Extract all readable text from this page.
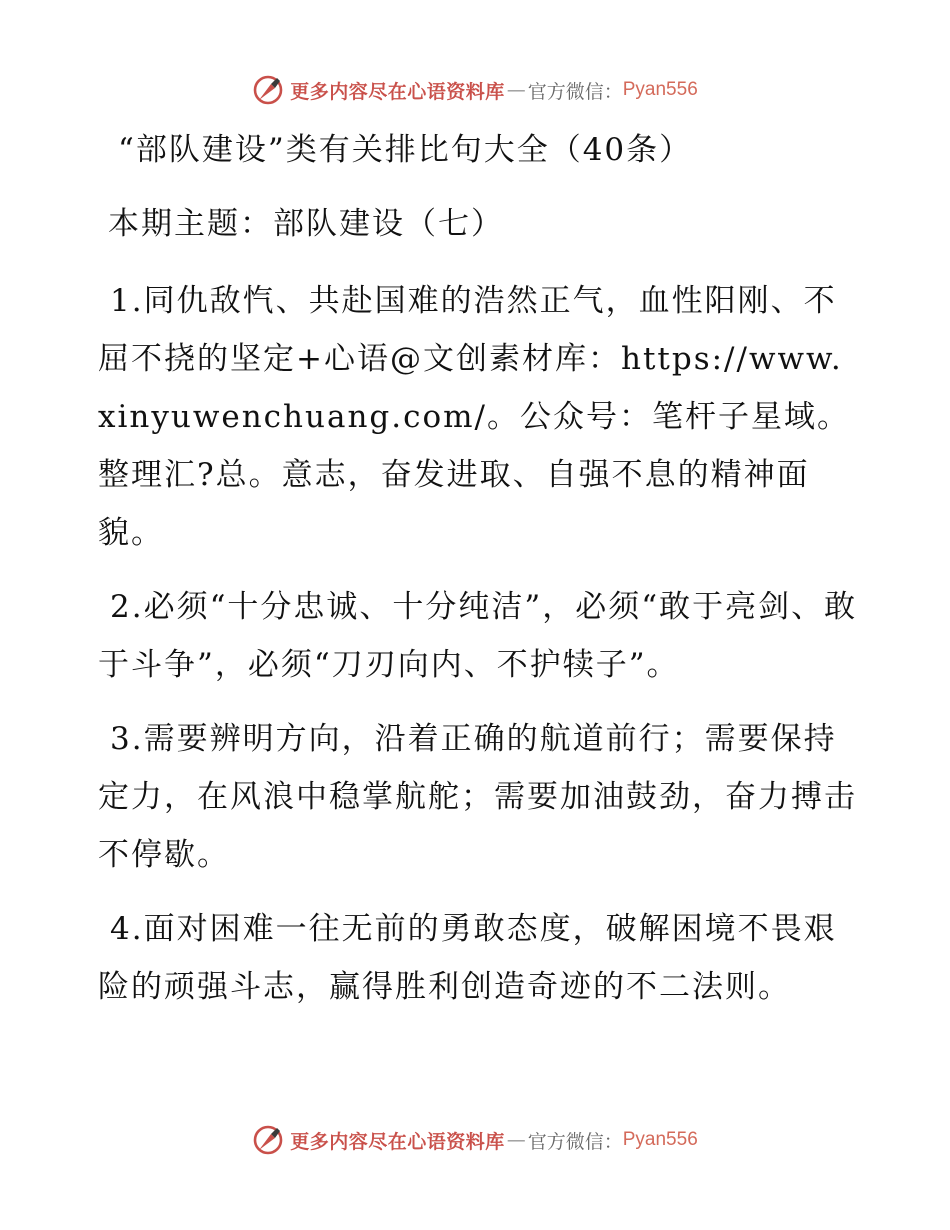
更多内容尽在心语资料库 — 官方微信： Pyan556
“部队建设”类有关排比句大全（40条）
本期主题：部队建设（七）

1.同仇敌忾、共赴国难的浩然正气，血性阳刚、不屈不挠的坚定+心语@文创素材库：https://www.xinyuwenchuang.com/。公众号：笔杆子星域。整理汇?总。意志，奋发进取、自强不息的精神面貌。

2.必须“十分忠诚、十分纯洁”，必须“敢于亮剑、敢于斗争”，必须“刀刃向内、不护犊子”。

3.需要辨明方向，沿着正确的航道前行；需要保持定力，在风浪中稳掌航舵；需要加油鼓劲，奋力搏击不停歇。

4.面对困难一往无前的勇敢态度，破解困境不畏艰险的顽强斗志，赢得胜利创造奇迹的不二法则。

更多内容尽在心语资料库 — 官方微信： Pyan556
